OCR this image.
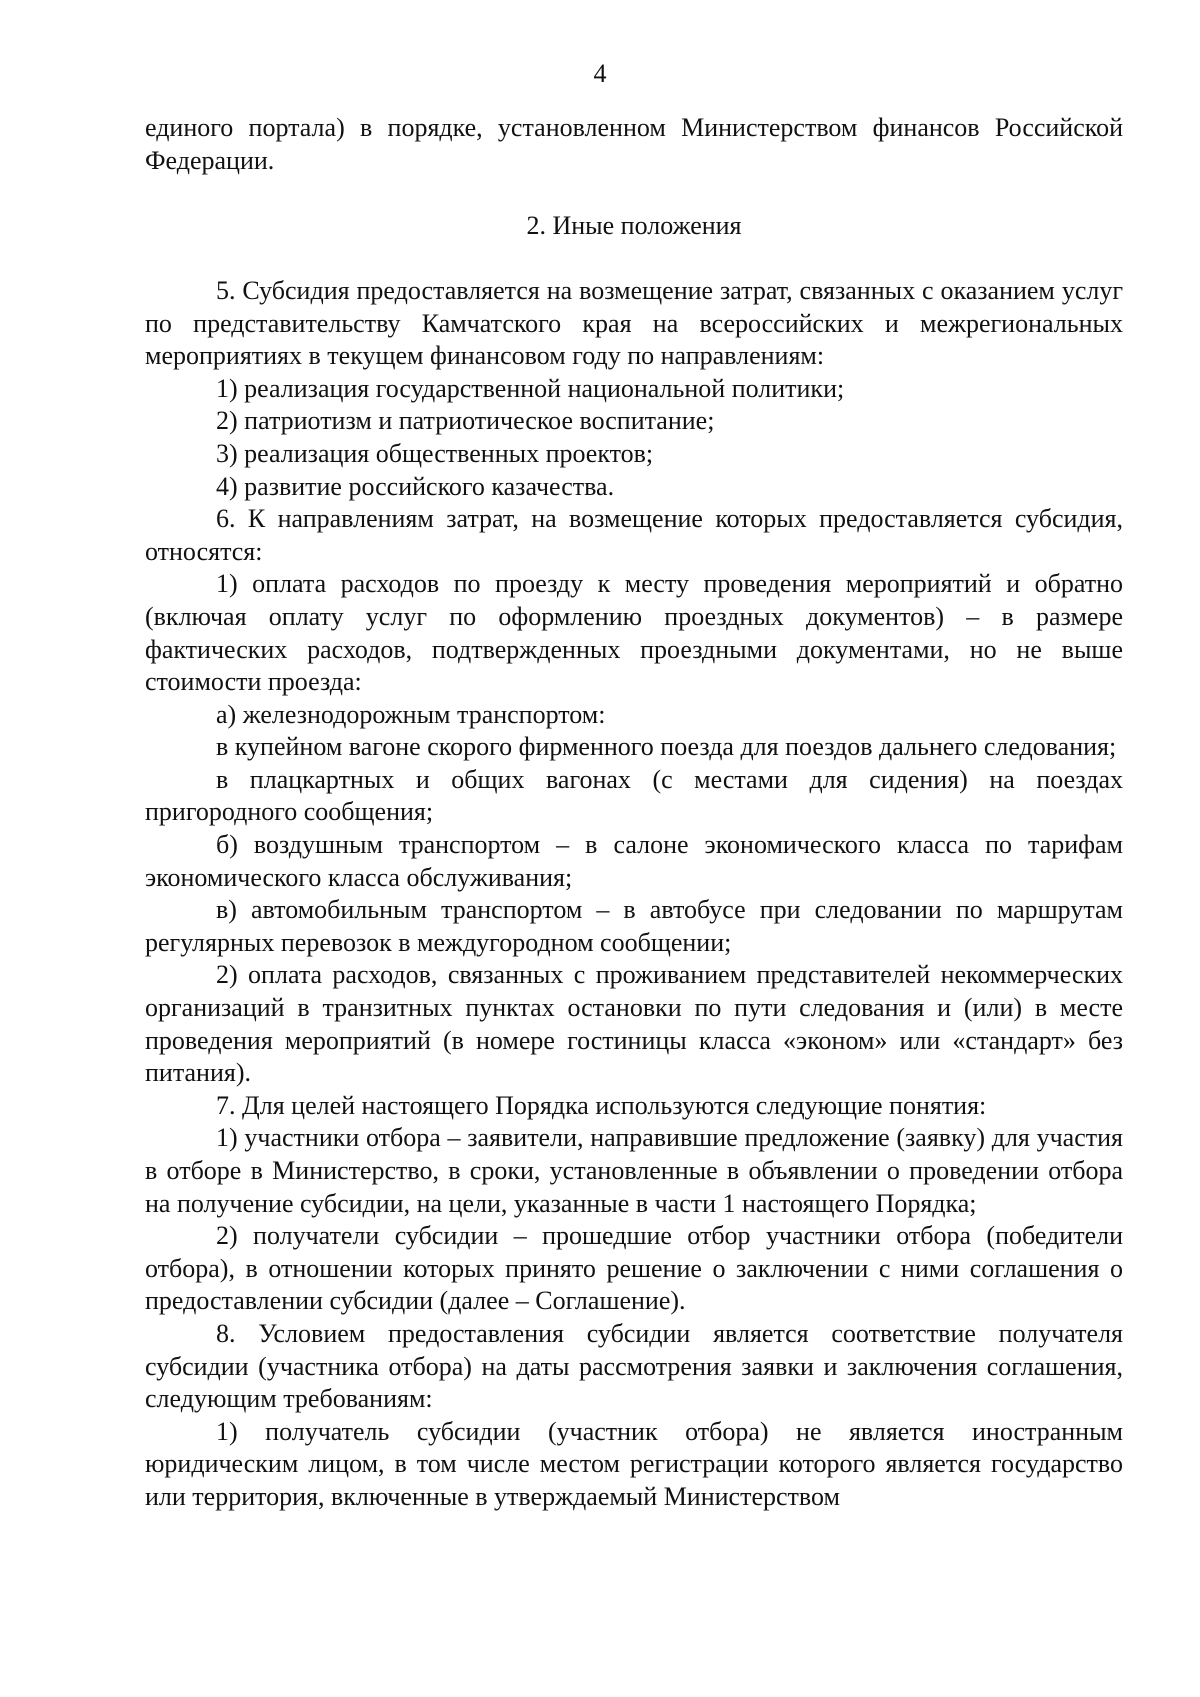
4

единого портала) в порядке, установленном Министерством финансов Российской Федерации.

2. Иные положения

5. Субсидия предоставляется на возмещение затрат, связанных с оказанием услуг по представительству Камчатского края на всероссийских и межрегиональных мероприятиях в текущем финансовом году по направлениям:

1) реализация государственной национальной политики;

2) патриотизм и патриотическое воспитание;

3) реализация общественных проектов;

4) развитие российского казачества.

6. К направлениям затрат, на возмещение которых предоставляется субсидия, относятся:

1) оплата расходов по проезду к месту проведения мероприятий и обратно (включая оплату услуг по оформлению проездных документов) – в размере фактических расходов, подтвержденных проездными документами, но не выше стоимости проезда:

а) железнодорожным транспортом:

в купейном вагоне скорого фирменного поезда для поездов дальнего следования;

в плацкартных и общих вагонах (с местами для сидения) на поездах пригородного сообщения;

б) воздушным транспортом – в салоне экономического класса по тарифам экономического класса обслуживания;

в) автомобильным транспортом – в автобусе при следовании по маршрутам регулярных перевозок в междугородном сообщении;

2) оплата расходов, связанных с проживанием представителей некоммерческих организаций в транзитных пунктах остановки по пути следования и (или) в месте проведения мероприятий (в номере гостиницы класса «эконом» или «стандарт» без питания).

7. Для целей настоящего Порядка используются следующие понятия:

1) участники отбора – заявители, направившие предложение (заявку) для участия в отборе в Министерство, в сроки, установленные в объявлении о проведении отбора на получение субсидии, на цели, указанные в части 1 настоящего Порядка;

2) получатели субсидии – прошедшие отбор участники отбора (победители отбора), в отношении которых принято решение о заключении с ними соглашения о предоставлении субсидии (далее – Соглашение).

8. Условием предоставления субсидии является соответствие получателя субсидии (участника отбора) на даты рассмотрения заявки и заключения соглашения, следующим требованиям:

1) получатель субсидии (участник отбора) не является иностранным юридическим лицом, в том числе местом регистрации которого является государство или территория, включенные в утверждаемый Министерством
